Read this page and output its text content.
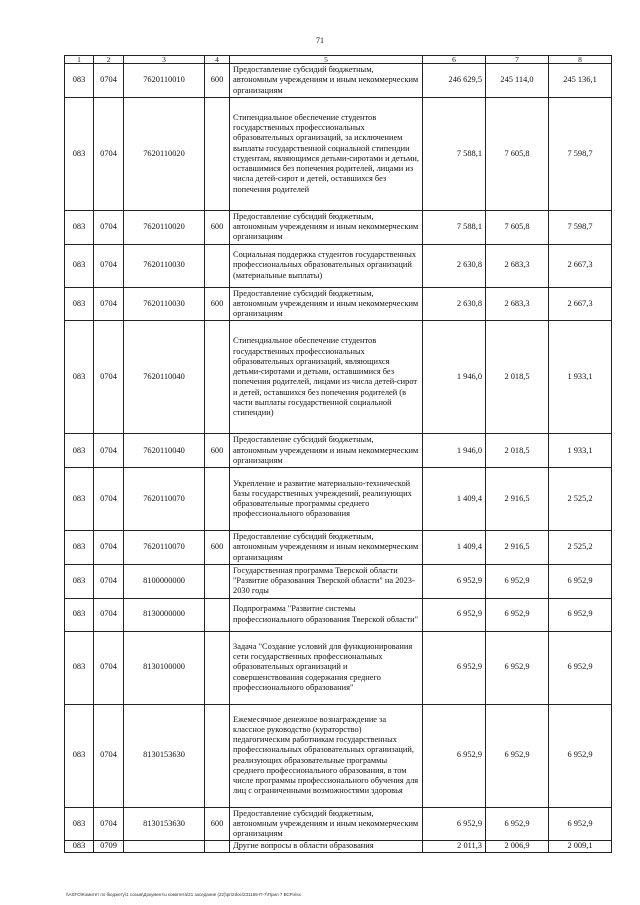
71
1	2	3	4	5	6	7	8
083	0704	7620110010	600	Предоставление субсидий бюджетным, автономным учреждениям и иным некоммерческим организациям	246 629,5	245 114,0	245 136,1
083	0704	7620110020		Стипендиальное обеспечение студентов государственных профессиональных образовательных организаций, за исключением выплаты государственной социальной стипендии студентам, являющимся детьми-сиротами и детьми, оставшимися без попечения родителей, лицами из числа детей-сирот и детей, оставшихся без попечения родителей	7 588,1	7 605,8	7 598,7
083	0704	7620110020	600	Предоставление субсидий бюджетным, автономным учреждениям и иным некоммерческим организациям	7 588,1	7 605,8	7 598,7
083	0704	7620110030		Социальная поддержка студентов государственных профессиональных образовательных организаций (материальные выплаты)	2 630,8	2 683,3	2 667,3
083	0704	7620110030	600	Предоставление субсидий бюджетным, автономным учреждениям и иным некоммерческим организациям	2 630,8	2 683,3	2 667,3
083	0704	7620110040		Стипендиальное обеспечение студентов государственных профессиональных образовательных организаций, являющихся детьми-сиротами и детьми, оставшимися без попечения родителей, лицами из числа детей-сирот и детей, оставшихся без попечения родителей (в части выплаты государственной социальной стипендии)	1 946,0	2 018,5	1 933,1
083	0704	7620110040	600	Предоставление субсидий бюджетным, автономным учреждениям и иным некоммерческим организациям	1 946,0	2 018,5	1 933,1
083	0704	7620110070		Укрепление и развитие материально-технической базы государственных учреждений, реализующих образовательные программы среднего профессионального образования	1 409,4	2 916,5	2 525,2
083	0704	7620110070	600	Предоставление субсидий бюджетным, автономным учреждениям и иным некоммерческим организациям	1 409,4	2 916,5	2 525,2
083	0704	8100000000		Государственная программа Тверской области "Развитие образования Тверской области" на 2023-2030 годы	6 952,9	6 952,9	6 952,9
083	0704	8130000000		Подпрограмма "Развитие системы профессионального образования Тверской области"	6 952,9	6 952,9	6 952,9
083	0704	8130100000		Задача "Создание условий для функционирования сети государственных профессиональных образовательных организаций и совершенствования содержания среднего профессионального образования"	6 952,9	6 952,9	6 952,9
083	0704	8130153630		Ежемесячное денежное вознаграждение за классное руководство (кураторство) педагогическим работникам государственных профессиональных образовательных организаций, реализующих образовательные программы среднего профессионального образования, в том числе программы профессионального обучения для лиц с ограниченными возможностями здоровья	6 952,9	6 952,9	6 952,9
083	0704	8130153630	600	Предоставление субсидий бюджетным, автономным учреждениям и иным некоммерческим организациям	6 952,9	6 952,9	6 952,9
083	0709			Другие вопросы в области образования	2 011,3	2 006,9	2 009,1
\\ASFO\Комитет по бюджету\1 созыв\Документы комитета\21 заседание (22)\pr\2doc\231165-П-7\Прил 7 ВСР.xlsx
